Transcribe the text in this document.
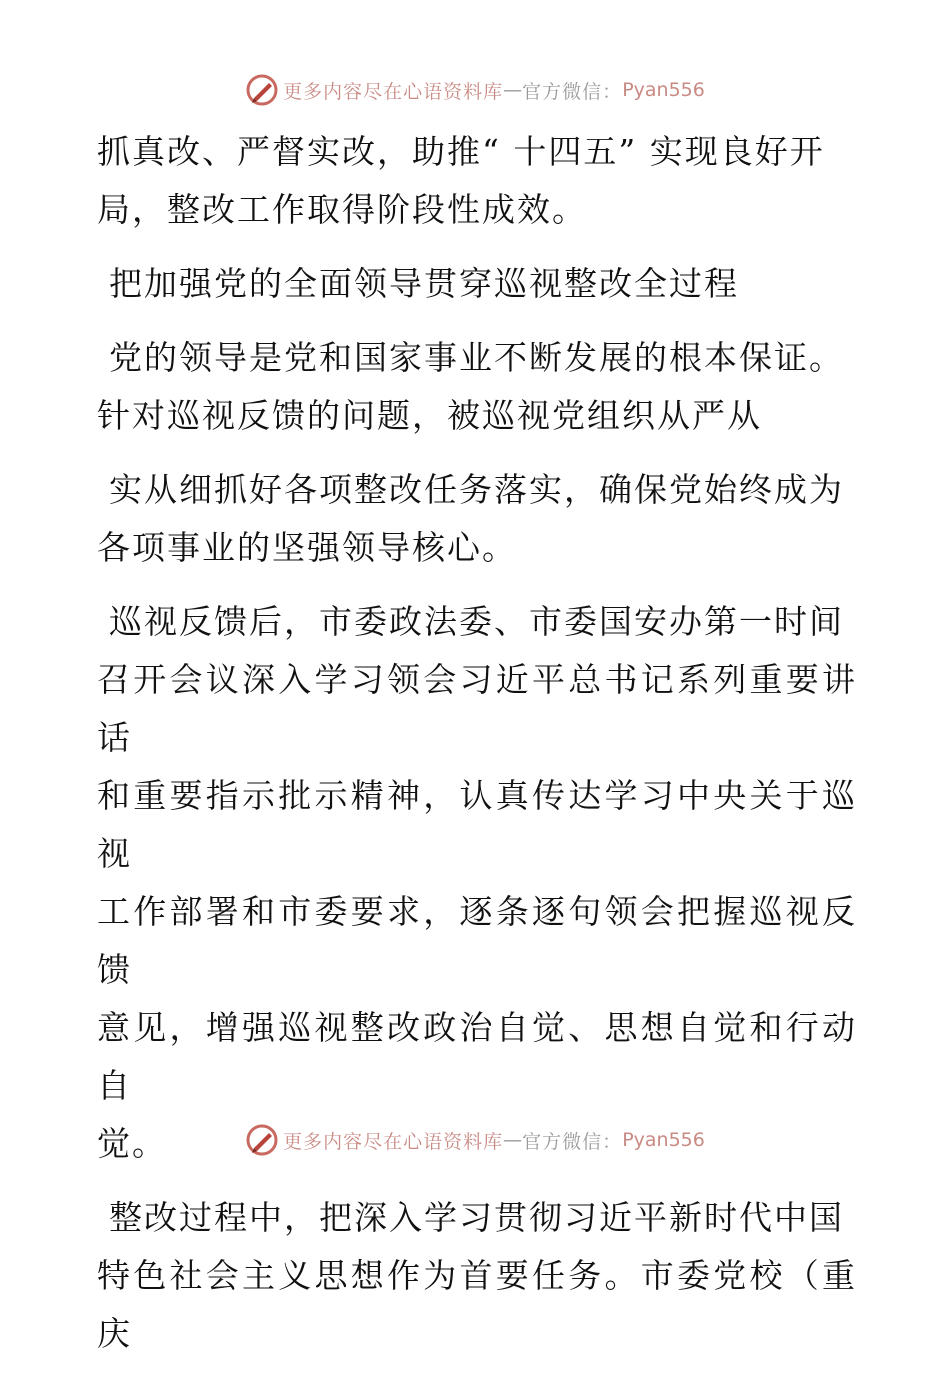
更多内容尽在心语资料库 — 官方微信： Pyan556

抓真改、严督实改，助推“ 十四五” 实现良好开
局，整改工作取得阶段性成效。

把加强党的全面领导贯穿巡视整改全过程

党的领导是党和国家事业不断发展的根本保证。
针对巡视反馈的问题，被巡视党组织从严从

实从细抓好各项整改任务落实，确保党始终成为
各项事业的坚强领导核心。

巡视反馈后，市委政法委、市委国安办第一时间
召开会议深入学习领会习近平总书记系列重要讲话
和重要指示批示精神，认真传达学习中央关于巡视
工作部署和市委要求，逐条逐句领会把握巡视反馈
意见，增强巡视整改政治自觉、思想自觉和行动自
觉。

整改过程中，把深入学习贯彻习近平新时代中国
特色社会主义思想作为首要任务。市委党校（重庆

更多内容尽在心语资料库 — 官方微信： Pyan556
